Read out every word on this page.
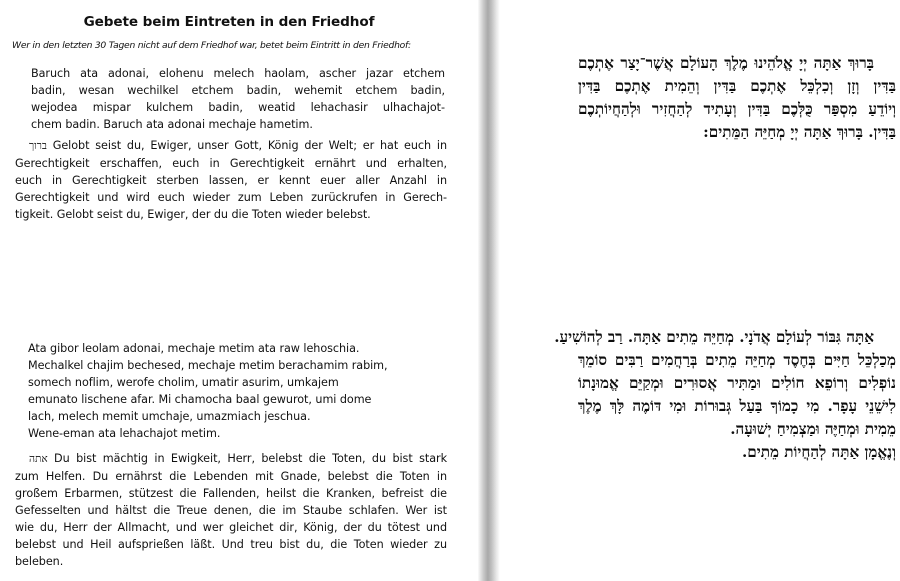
Gebete beim Eintreten in den Friedhof
Wer in den letzten 30 Tagen nicht auf dem Friedhof war, betet beim Eintritt in den Friedhof:
Baruch ata adonai, elohenu melech haolam, ascher jazar etchem
badin, wesan wechilkel etchem badin, wehemit etchem badin,
wejodea mispar kulchem badin, weatid lehachasir ulhachajot-
chem badin. Baruch ata adonai mechaje hametim.
ברוך Gelobt seist du, Ewiger, unser Gott, König der Welt; er hat euch in
Gerechtigkeit erschaffen, euch in Gerechtigkeit ernährt und erhalten,
euch in Gerechtigkeit sterben lassen, er kennt euer aller Anzahl in
Gerechtigkeit und wird euch wieder zum Leben zurückrufen in Gerech-
tigkeit. Gelobt seist du, Ewiger, der du die Toten wieder belebst.
Ata gibor leolam adonai, mechaje metim ata raw lehoschia.
Mechalkel chajim bechesed, mechaje metim berachamim rabim,
somech noflim, werofe cholim, umatir asurim, umkajem
emunato lischene afar. Mi chamocha baal gewurot, umi dome
lach, melech memit umchaje, umazmiach jeschua.
Wene-eman ata lehachajot metim.
אתה Du bist mächtig in Ewigkeit, Herr, belebst die Toten, du bist stark
zum Helfen. Du ernährst die Lebenden mit Gnade, belebst die Toten in
großem Erbarmen, stützest die Fallenden, heilst die Kranken, befreist die
Gefesselten und hältst die Treue denen, die im Staube schlafen. Wer ist
wie du, Herr der Allmacht, und wer gleichet dir, König, der du tötest und
belebst und Heil aufsprießen läßt. Und treu bist du, die Toten wieder zu
beleben.
בָּרוּךְ אַתָּה יְיָ אֱלֹהֵינוּ מֶלֶךְ הָעוֹלָם אֲשֶׁר־יָצַר אֶתְכֶם
בַּדִּין וְזָן וְכִלְכֵּל אֶתְכֶם בַּדִּין וְהֵמִית אֶתְכֶם בַּדִּין
וְיוֹדֵעַ מִסְפַּר כֻּלְּכֶם בַּדִּין וְעָתִיד לְהַחֲזִיר וּלְהַחֲיוֹתְכֶם
בַּדִּין. בָּרוּךְ אַתָּה יְיָ מְחַיֵּה הַמֵּתִים:
אַתָּה גִּבּוֹר לְעוֹלָם אֲדֹנָי. מְחַיֵּה מֵתִים אַתָּה. רַב לְהוֹשִׁיעַ.
מְכַלְכֵּל חַיִּים בְּחֶסֶד מְחַיֵּה מֵתִים בְּרַחֲמִים רַבִּים סוֹמֵךְ
נוֹפְלִים וְרוֹפֵא חוֹלִים וּמַתִּיר אֲסוּרִים וּמְקַיֵּם אֱמוּנָתוֹ
לִישֵׁנֵי עָפָר. מִי כָמוֹךָ בַּעַל גְּבוּרוֹת וּמִי דּוֹמֶה לָּךְ מֶלֶךְ
מֵמִית וּמְחַיֶּה וּמַצְמִיחַ יְשׁוּעָה.
וְנֶאֱמָן אַתָּה לְהַחֲיוֹת מֵתִים.
